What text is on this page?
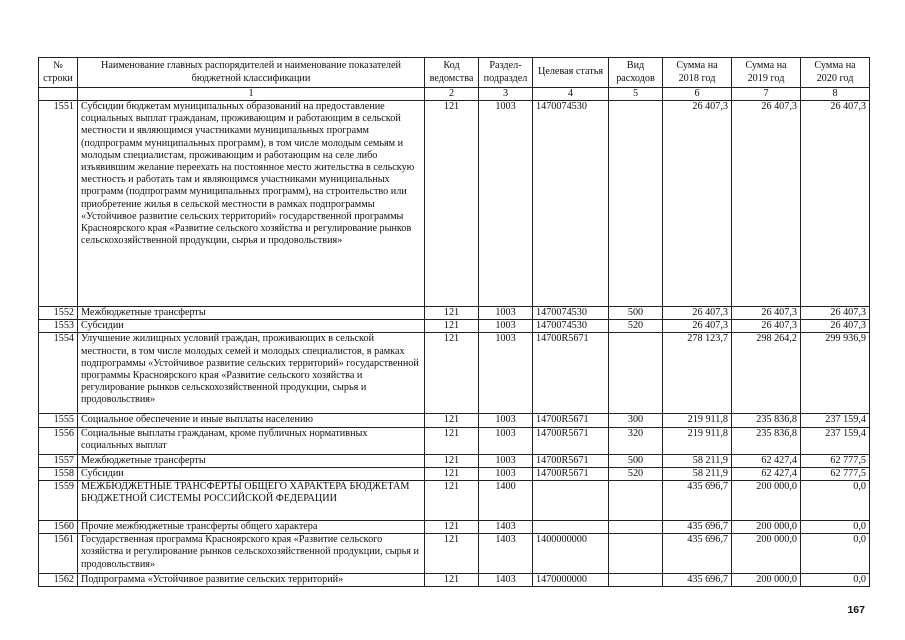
№ строки	Наименование главных распорядителей и наименование показателей бюджетной классификации	Код ведомства	Раздел-подраздел	Целевая статья	Вид расходов	Сумма на 2018 год	Сумма на 2019 год	Сумма на 2020 год
	1	2	3	4	5	6	7	8
1551	Субсидии бюджетам муниципальных образований на предоставление социальных выплат гражданам, проживающим и работающим в сельской местности и являющимся участниками муниципальных программ (подпрограмм муниципальных программ), в том числе молодым семьям и молодым специалистам, проживающим и работающим на селе либо изъявившим желание переехать на постоянное место жительства в сельскую местность и работать там и являющимся участниками муниципальных программ (подпрограмм муниципальных программ), на строительство или приобретение жилья в сельской местности в рамках подпрограммы «Устойчивое развитие сельских территорий» государственной программы Красноярского края «Развитие сельского хозяйства и регулирование рынков сельскохозяйственной продукции, сырья и продовольствия»	121	1003	1470074530		26 407,3	26 407,3	26 407,3
1552	Межбюджетные трансферты	121	1003	1470074530	500	26 407,3	26 407,3	26 407,3
1553	Субсидии	121	1003	1470074530	520	26 407,3	26 407,3	26 407,3
1554	Улучшение жилищных условий граждан, проживающих в сельской местности, в том числе молодых семей и молодых специалистов, в рамках подпрограммы «Устойчивое развитие сельских территорий» государственной программы Красноярского края «Развитие сельского хозяйства и регулирование рынков сельскохозяйственной продукции, сырья и продовольствия»	121	1003	14700R5671		278 123,7	298 264,2	299 936,9
1555	Социальное обеспечение и иные выплаты населению	121	1003	14700R5671	300	219 911,8	235 836,8	237 159,4
1556	Социальные выплаты гражданам, кроме публичных нормативных социальных выплат	121	1003	14700R5671	320	219 911,8	235 836,8	237 159,4
1557	Межбюджетные трансферты	121	1003	14700R5671	500	58 211,9	62 427,4	62 777,5
1558	Субсидии	121	1003	14700R5671	520	58 211,9	62 427,4	62 777,5
1559	МЕЖБЮДЖЕТНЫЕ ТРАНСФЕРТЫ ОБЩЕГО ХАРАКТЕРА БЮДЖЕТАМ БЮДЖЕТНОЙ СИСТЕМЫ РОССИЙСКОЙ ФЕДЕРАЦИИ	121	1400			435 696,7	200 000,0	0,0
1560	Прочие межбюджетные трансферты общего характера	121	1403			435 696,7	200 000,0	0,0
1561	Государственная программа Красноярского края «Развитие сельского хозяйства и регулирование рынков сельскохозяйственной продукции, сырья и продовольствия»	121	1403	1400000000		435 696,7	200 000,0	0,0
1562	Подпрограмма «Устойчивое развитие сельских территорий»	121	1403	1470000000		435 696,7	200 000,0	0,0
167
